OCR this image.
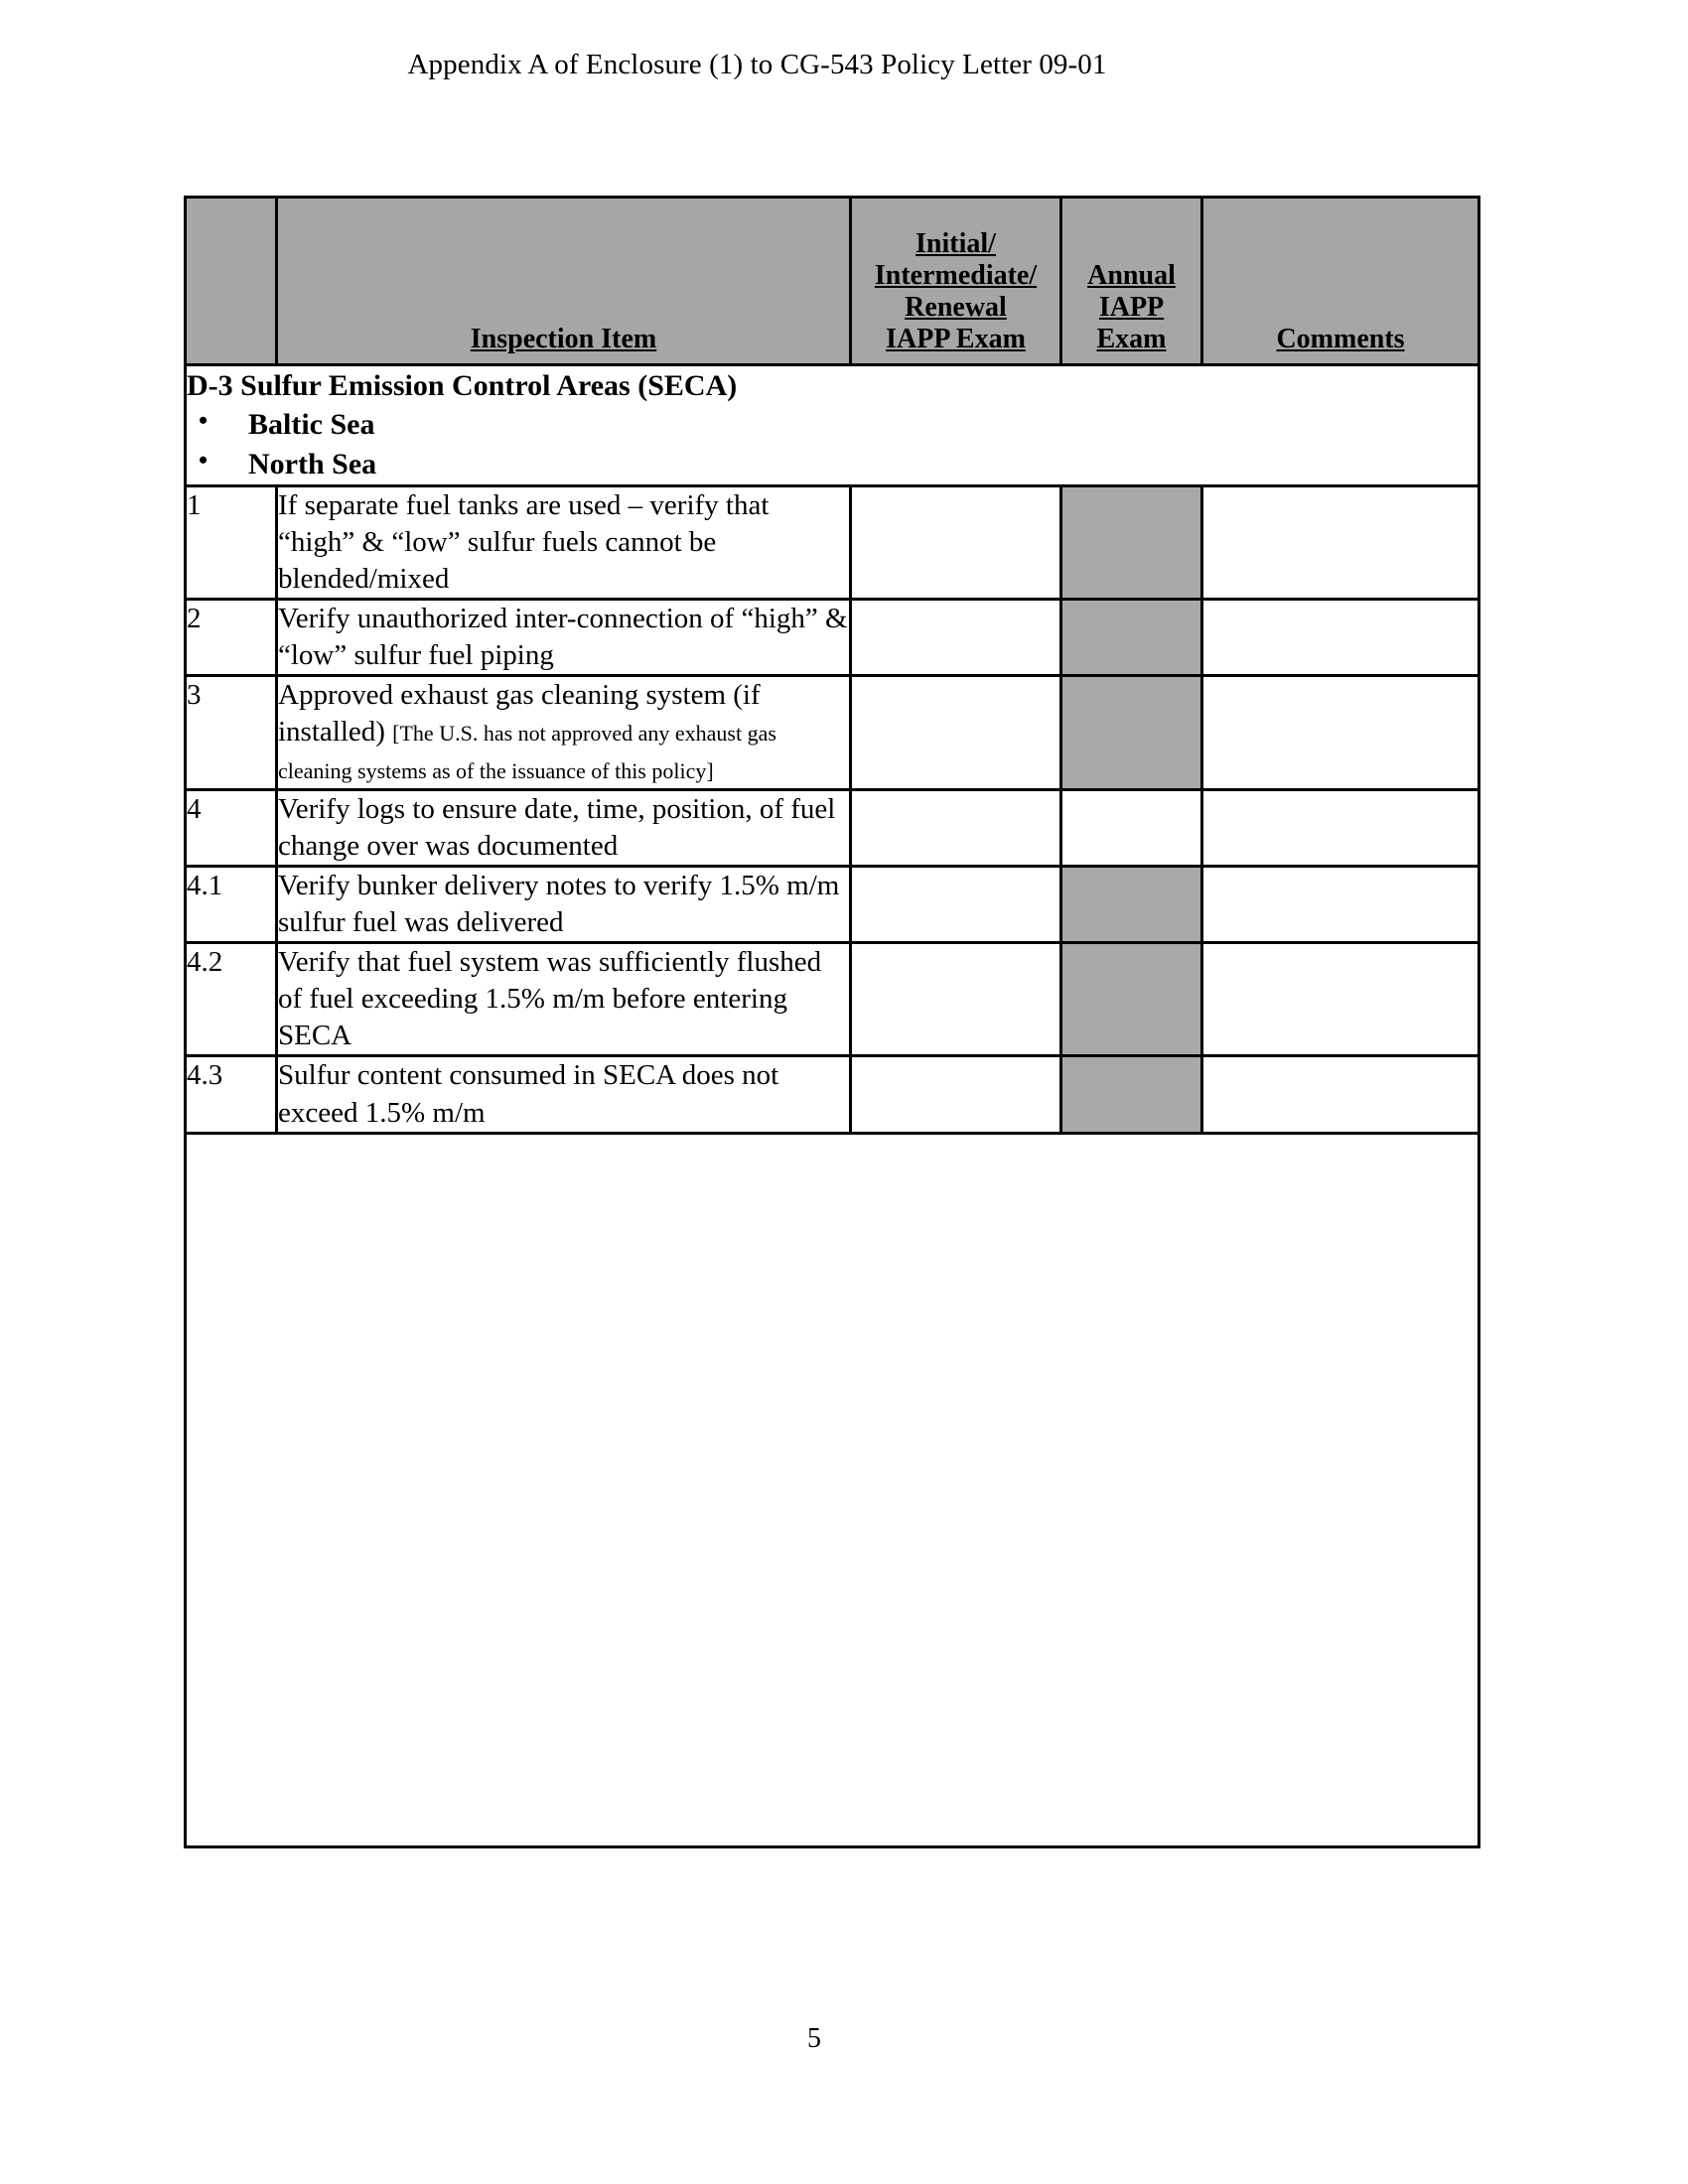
Appendix A of Enclosure (1) to CG-543 Policy Letter 09-01

	Inspection Item	Initial/
Intermediate/
Renewal
IAPP Exam	Annual
IAPP
Exam	Comments

D-3 Sulfur Emission Control Areas (SECA)
• Baltic Sea
• North Sea

1	If separate fuel tanks are used – verify that “high” & “low” sulfur fuels cannot be blended/mixed			
2	Verify unauthorized inter-connection of “high” & “low” sulfur fuel piping			
3	Approved exhaust gas cleaning system (if installed) [The U.S. has not approved any exhaust gas cleaning systems as of the issuance of this policy]			
4	Verify logs to ensure date, time, position, of fuel change over was documented			
4.1	Verify bunker delivery notes to verify 1.5% m/m sulfur fuel was delivered			
4.2	Verify that fuel system was sufficiently flushed of fuel exceeding 1.5% m/m before entering SECA			
4.3	Sulfur content consumed in SECA does not exceed 1.5% m/m			

5
